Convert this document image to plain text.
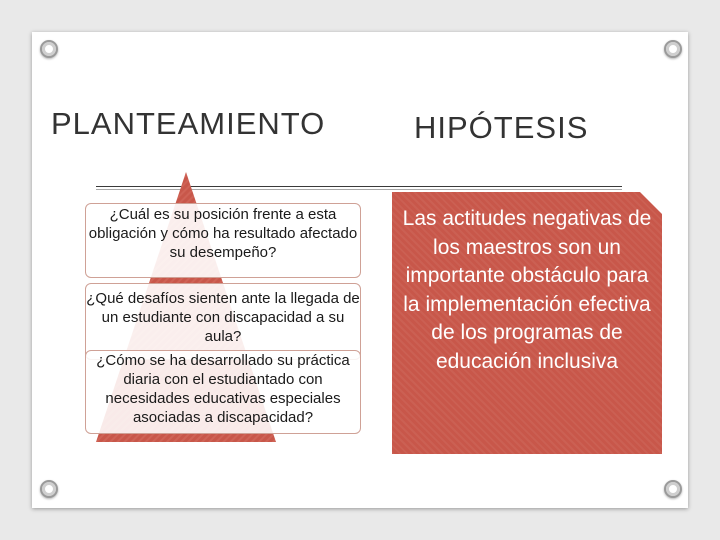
PLANTEAMIENTO	HIPÓTESIS
¿Cuál es su posición frente a esta obligación y cómo ha resultado afectado su desempeño?
¿Qué desafíos sienten ante la llegada de un estudiante con discapacidad a su aula?
¿Cómo se ha desarrollado su práctica diaria con el estudiantado con necesidades educativas especiales asociadas a discapacidad?
Las actitudes negativas de los maestros son un importante obstáculo para la implementación efectiva de los programas de educación inclusiva
